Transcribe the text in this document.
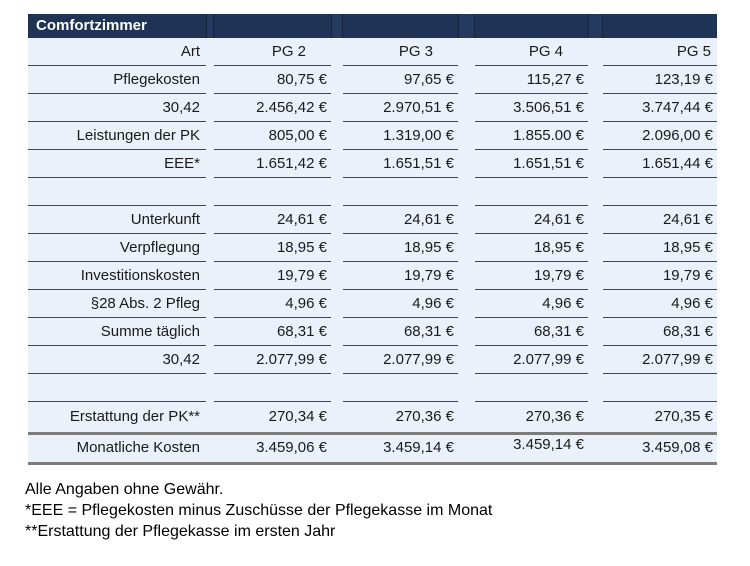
Comfortzimmer
Art	PG 2	PG 3	PG 4	PG 5
Pflegekosten	80,75 €	97,65 €	115,27 €	123,19 €
30,42	2.456,42 €	2.970,51 €	3.506,51 €	3.747,44 €
Leistungen der PK	805,00 €	1.319,00 €	1.855.00 €	2.096,00 €
EEE*	1.651,42 €	1.651,51 €	1.651,51 €	1.651,44 €
Unterkunft	24,61 €	24,61 €	24,61 €	24,61 €
Verpflegung	18,95 €	18,95 €	18,95 €	18,95 €
Investitionskosten	19,79 €	19,79 €	19,79 €	19,79 €
§28 Abs. 2 Pfleg	4,96 €	4,96 €	4,96 €	4,96 €
Summe täglich	68,31 €	68,31 €	68,31 €	68,31 €
30,42	2.077,99 €	2.077,99 €	2.077,99 €	2.077,99 €
Erstattung der PK**	270,34 €	270,36 €	270,36 €	270,35 €
Monatliche Kosten	3.459,06 €	3.459,14 €	3.459,14 €	3.459,08 €
Alle Angaben ohne Gewähr.
*EEE = Pflegekosten minus Zuschüsse der Pflegekasse im Monat
**Erstattung der Pflegekasse im ersten Jahr
